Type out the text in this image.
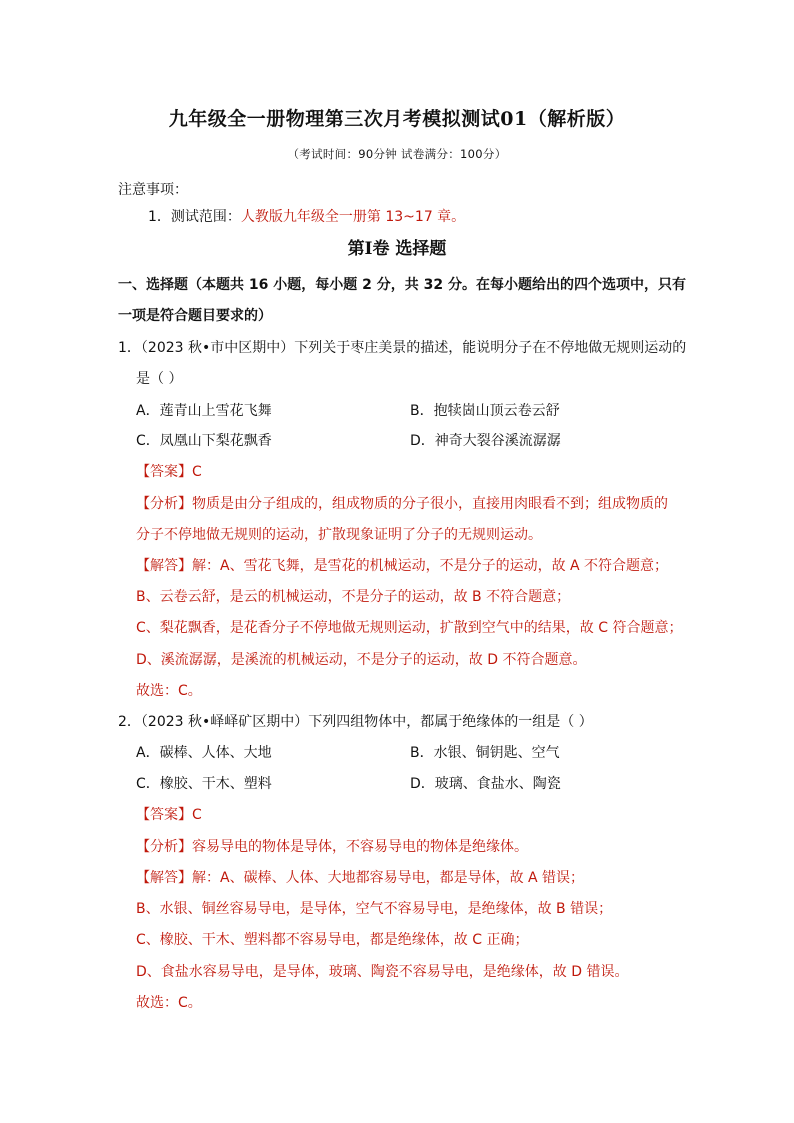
九年级全一册物理第三次月考模拟测试01（解析版）
（考试时间：90分钟 试卷满分：100分）
注意事项：
1．测试范围：人教版九年级全一册第 13~17 章。
第Ⅰ卷 选择题
一、选择题（本题共 16 小题，每小题 2 分，共 32 分。在每小题给出的四个选项中，只有
一项是符合题目要求的）
1．（2023 秋•市中区期中）下列关于枣庄美景的描述，能说明分子在不停地做无规则运动的
是（ ）
A．莲青山上雪花飞舞	B．抱犊崮山顶云卷云舒
C．凤凰山下梨花飘香	D．神奇大裂谷溪流潺潺
【答案】C
【分析】物质是由分子组成的，组成物质的分子很小，直接用肉眼看不到；组成物质的
分子不停地做无规则的运动，扩散现象证明了分子的无规则运动。
【解答】解：A、雪花飞舞，是雪花的机械运动，不是分子的运动，故 A 不符合题意；
B、云卷云舒，是云的机械运动，不是分子的运动，故 B 不符合题意；
C、梨花飘香，是花香分子不停地做无规则运动，扩散到空气中的结果，故 C 符合题意；
D、溪流潺潺，是溪流的机械运动，不是分子的运动，故 D 不符合题意。
故选：C。
2．（2023 秋•峄峄矿区期中）下列四组物体中，都属于绝缘体的一组是（ ）
A．碳棒、人体、大地	B．水银、铜钥匙、空气
C．橡胶、干木、塑料	D．玻璃、食盐水、陶瓷
【答案】C
【分析】容易导电的物体是导体，不容易导电的物体是绝缘体。
【解答】解：A、碳棒、人体、大地都容易导电，都是导体，故 A 错误；
B、水银、铜丝容易导电，是导体，空气不容易导电，是绝缘体，故 B 错误；
C、橡胶、干木、塑料都不容易导电，都是绝缘体，故 C 正确；
D、食盐水容易导电，是导体，玻璃、陶瓷不容易导电，是绝缘体，故 D 错误。
故选：C。
